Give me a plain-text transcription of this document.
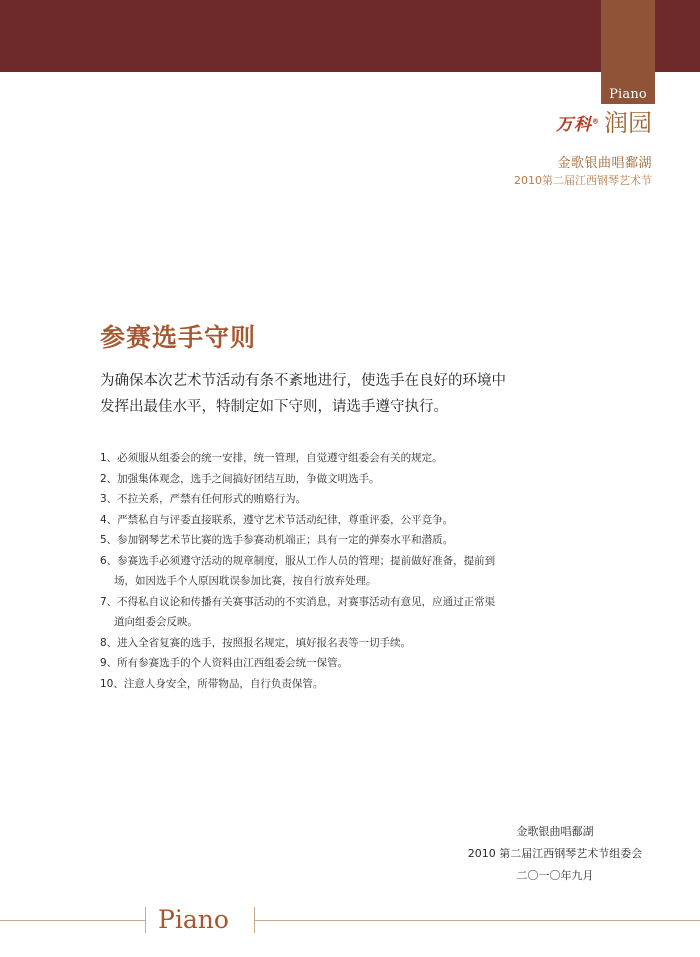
Piano
万科® 润园
金歌银曲唱鄱湖
2010第二届江西钢琴艺术节
参赛选手守则

为确保本次艺术节活动有条不紊地进行，使选手在良好的环境中发挥出最佳水平，特制定如下守则，请选手遵守执行。

1、必须服从组委会的统一安排，统一管理，自觉遵守组委会有关的规定。
2、加强集体观念，选手之间搞好团结互助，争做文明选手。
3、不拉关系，严禁有任何形式的贿赂行为。
4、严禁私自与评委直接联系，遵守艺术节活动纪律，尊重评委，公平竞争。
5、参加钢琴艺术节比赛的选手参赛动机端正；具有一定的弹奏水平和潜质。
6、参赛选手必须遵守活动的规章制度，服从工作人员的管理；提前做好准备，提前到场，如因选手个人原因耽误参加比赛，按自行放弃处理。
7、不得私自议论和传播有关赛事活动的不实消息，对赛事活动有意见，应通过正常渠道向组委会反映。
8、进入全省复赛的选手，按照报名规定，填好报名表等一切手续。
9、所有参赛选手的个人资料由江西组委会统一保管。
10、注意人身安全，所带物品，自行负责保管。
金歌银曲唱鄱湖
2010 第二届江西钢琴艺术节组委会
二〇一〇年九月
Piano
